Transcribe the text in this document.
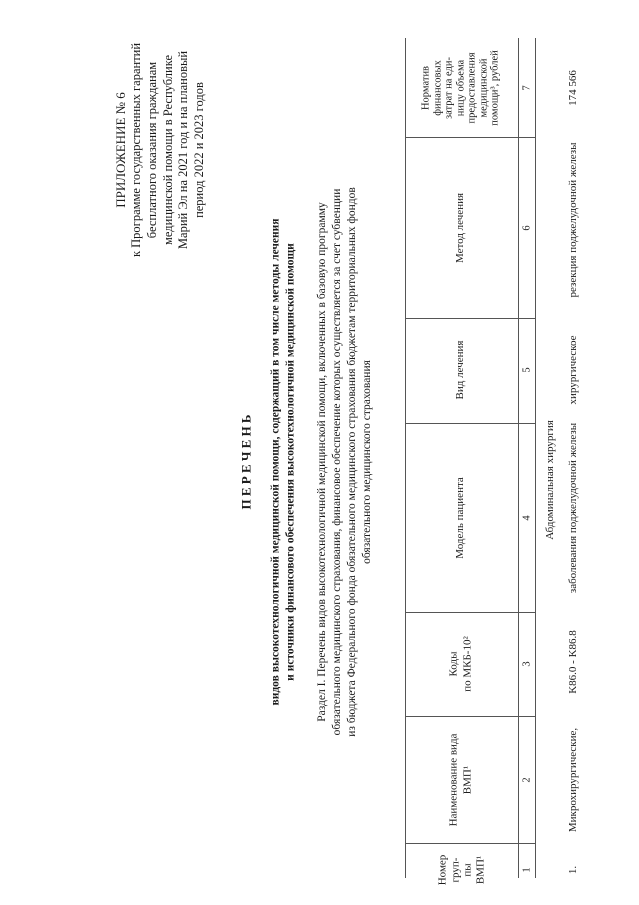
ПРИЛОЖЕНИЕ № 6 к Программе государственных гарантий бесплатного оказания гражданам медицинской помощи в Республике Марий Эл на 2021 год и на плановый период 2022 и 2023 годов
П Е Р Е Ч Е Н Ь видов высокотехнологичной медицинской помощи, содержащий в том числе методы лечения и источники финансового обеспечения высокотехнологичной медицинской помощи Раздел I. Перечень видов высокотехнологичной медицинской помощи, включенных в базовую программу обязательного медицинского страхования, финансовое обеспечение которых осуществляется за счет субвенции из бюджета Федерального фонда обязательного медицинского страхования бюджетам территориальных фондов обязательного медицинского страхования
Номер груп- пы ВМП¹
Наименование вида ВМП¹
Коды по МКБ-10²
Модель пациента
Вид лечения
Метод лечения
Норматив финансовых затрат на еди- ницу объема предоставления медицинской помощи³, рублей
1
2
3
4
5
6
7
Абдоминальная хирургия
1.
Микрохирургические,
K86.0 - K86.8
заболевания поджелудочной железы
хирургическое
резекция поджелудочной железы
174 566
